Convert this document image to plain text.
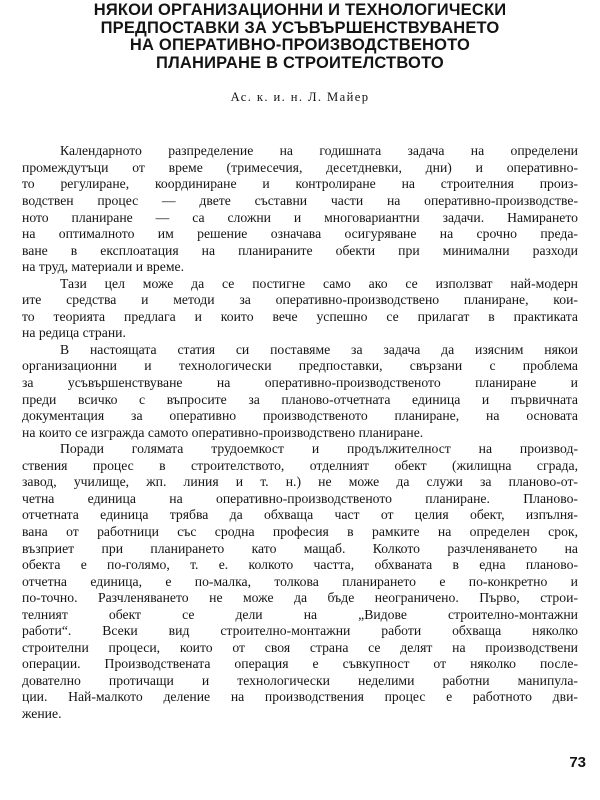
НЯКОИ ОРГАНИЗАЦИОННИ И ТЕХНОЛОГИЧЕСКИ
ПРЕДПОСТАВКИ ЗА УСЪВЪРШЕНСТВУВАНЕТО
НА ОПЕРАТИВНО-ПРОИЗВОДСТВЕНОТО
ПЛАНИРАНЕ В СТРОИТЕЛСТВОТО
Ас. к. и. н. Л. Майер
Календарното разпределение на годишната задача на определени
промеждутъци от време (тримесечия, десетдневки, дни) и оперативно-
то регулиране, координиране и контролиране на строителния произ-
водствен процес — двете съставни части на оперативно-производстве-
ното планиране — са сложни и многовариантни задачи. Намирането
на оптималното им решение означава осигуряване на срочно преда-
ване в експлоатация на планираните обекти при минимални разходи
на труд, материали и време.
Тази цел може да се постигне само ако се използват най-модерн
ите средства и методи за оперативно-производствено планиране, кои-
то теорията предлага и които вече успешно се прилагат в практиката
на редица страни.
В настоящата статия си поставяме за задача да изясним някои
организационни и технологически предпоставки, свързани с проблема
за усъвършенствуване на оперативно-производственото планиране и
преди всичко с въпросите за планово-отчетната единица и първичната
документация за оперативно производственото планиране, на основата
на които се изгражда самото оперативно-производствено планиране.
Поради голямата трудоемкост и продължителност на производ-
ствения процес в строителството, отделният обект (жилищна сграда,
завод, училище, жп. линия и т. н.) не може да служи за планово-от-
четна единица на оперативно-производственото планиране. Планово-
отчетната единица трябва да обхваща част от целия обект, изпълня-
вана от работници със сродна професия в рамките на определен срок,
възприет при планирането като мащаб. Колкото разчленяването на
обекта е по-голямо, т. е. колкото частта, обхваната в една планово-
отчетна единица, е по-малка, толкова планирането е по-конкретно и
по-точно. Разчленяването не може да бъде неограничено. Първо, строи-
телният обект се дели на „Видове строително-монтажни
работи“. Всеки вид строително-монтажни работи обхваща няколко
строителни процеси, които от своя страна се делят на производствени
операции. Производствената операция е съвкупност от няколко после-
дователно протичащи и технологически неделими работни манипула-
ции. Най-малкото деление на производствения процес е работното дви-
жение.
73
